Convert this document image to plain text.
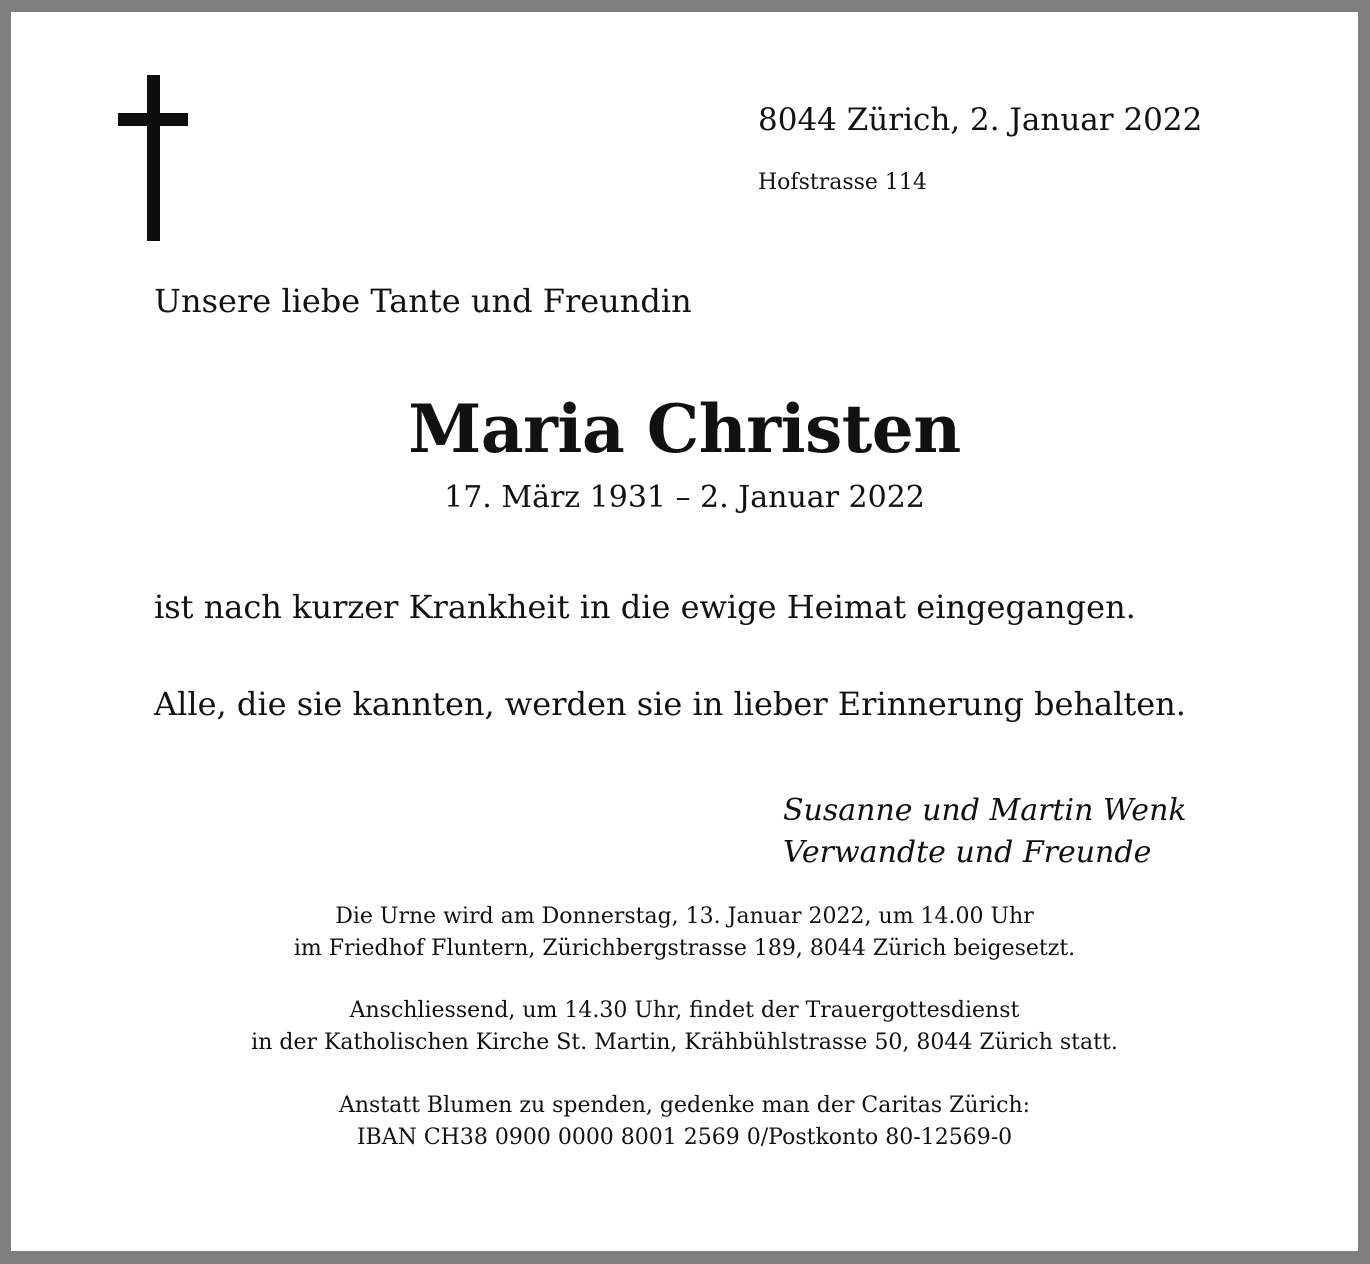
8044 Zürich, 2. Januar 2022
Hofstrasse 114
Unsere liebe Tante und Freundin
Maria Christen
17. März 1931 – 2. Januar 2022
ist nach kurzer Krankheit in die ewige Heimat eingegangen.
Alle, die sie kannten, werden sie in lieber Erinnerung behalten.
Susanne und Martin Wenk
Verwandte und Freunde
Die Urne wird am Donnerstag, 13. Januar 2022, um 14.00 Uhr
im Friedhof Fluntern, Zürichbergstrasse 189, 8044 Zürich beigesetzt.
Anschliessend, um 14.30 Uhr, findet der Trauergottesdienst
in der Katholischen Kirche St. Martin, Krähbühlstrasse 50, 8044 Zürich statt.
Anstatt Blumen zu spenden, gedenke man der Caritas Zürich:
IBAN CH38 0900 0000 8001 2569 0/Postkonto 80-12569-0
